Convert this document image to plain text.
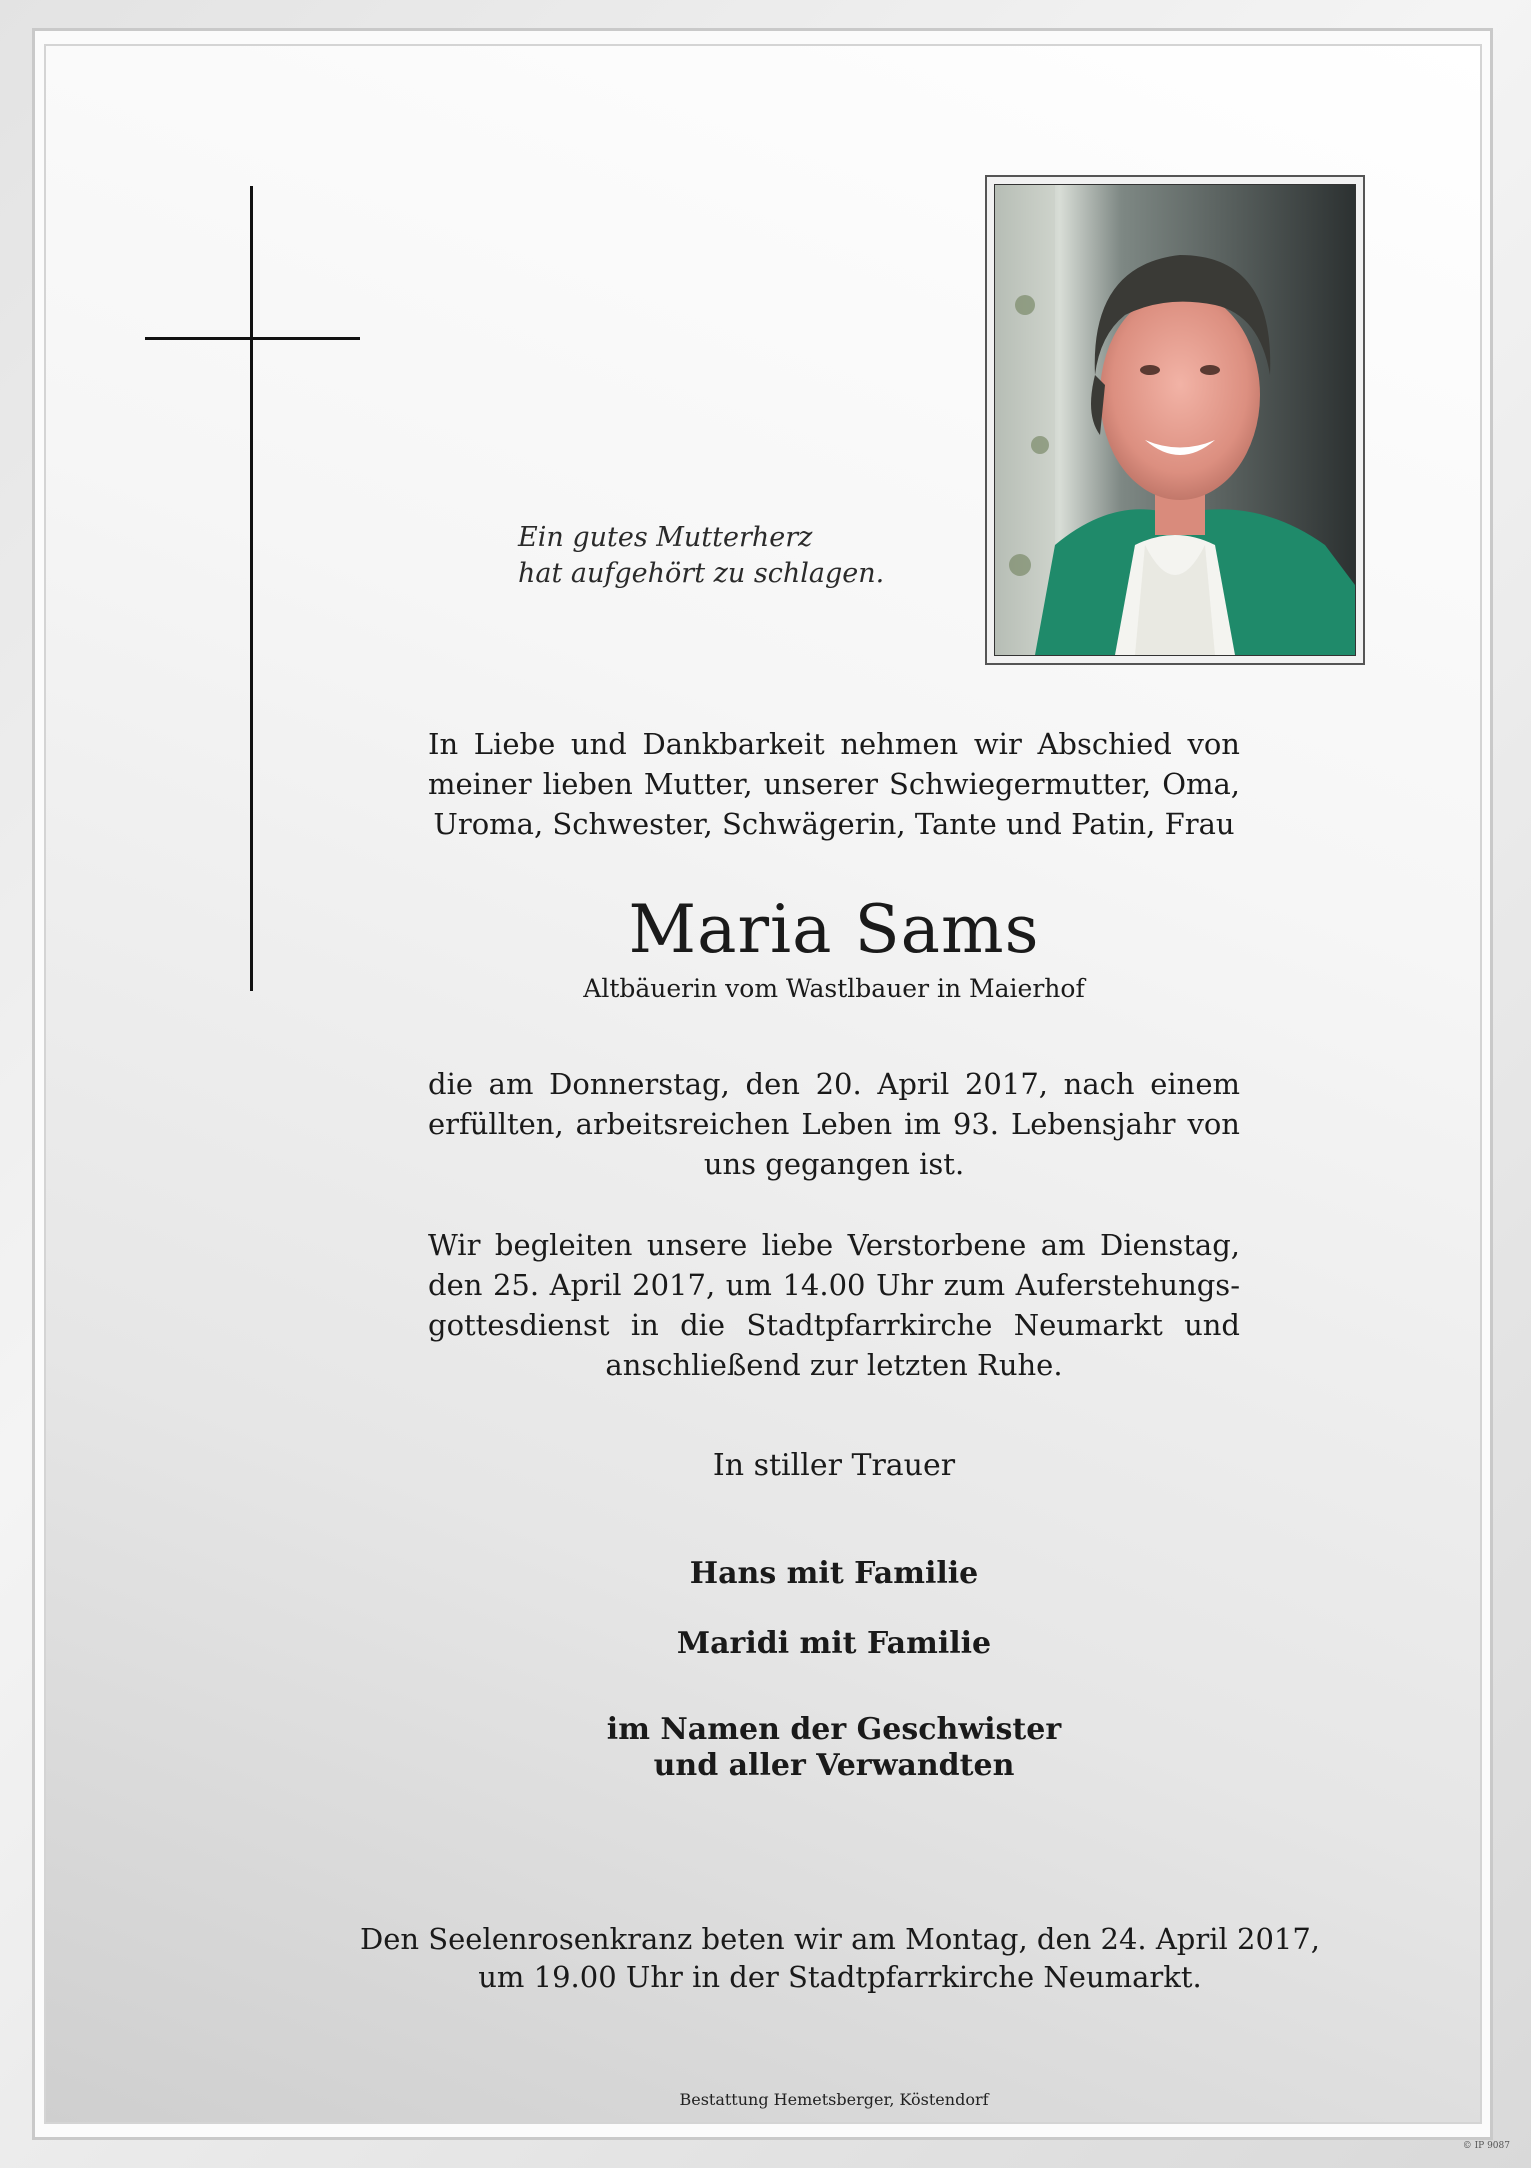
Ein gutes Mutterherz
hat aufgehört zu schlagen.
In Liebe und Dankbarkeit nehmen wir Abschied von meiner lieben Mutter, unserer Schwiegermutter, Oma, Uroma, Schwester, Schwägerin, Tante und Patin, Frau
Maria Sams
Altbäuerin vom Wastlbauer in Maierhof
die am Donnerstag, den 20. April 2017, nach einem erfüllten, arbeitsreichen Leben im 93. Lebensjahr von uns gegangen ist.
Wir begleiten unsere liebe Verstorbene am Dienstag, den 25. April 2017, um 14.00 Uhr zum Auferstehungs-gottesdienst in die Stadtpfarrkirche Neumarkt und anschließend zur letzten Ruhe.
In stiller Trauer
Hans mit Familie
Maridi mit Familie
im Namen der Geschwister
und aller Verwandten
Den Seelenrosenkranz beten wir am Montag, den 24. April 2017,
um 19.00 Uhr in der Stadtpfarrkirche Neumarkt.
Bestattung Hemetsberger, Köstendorf
© IP 9087
